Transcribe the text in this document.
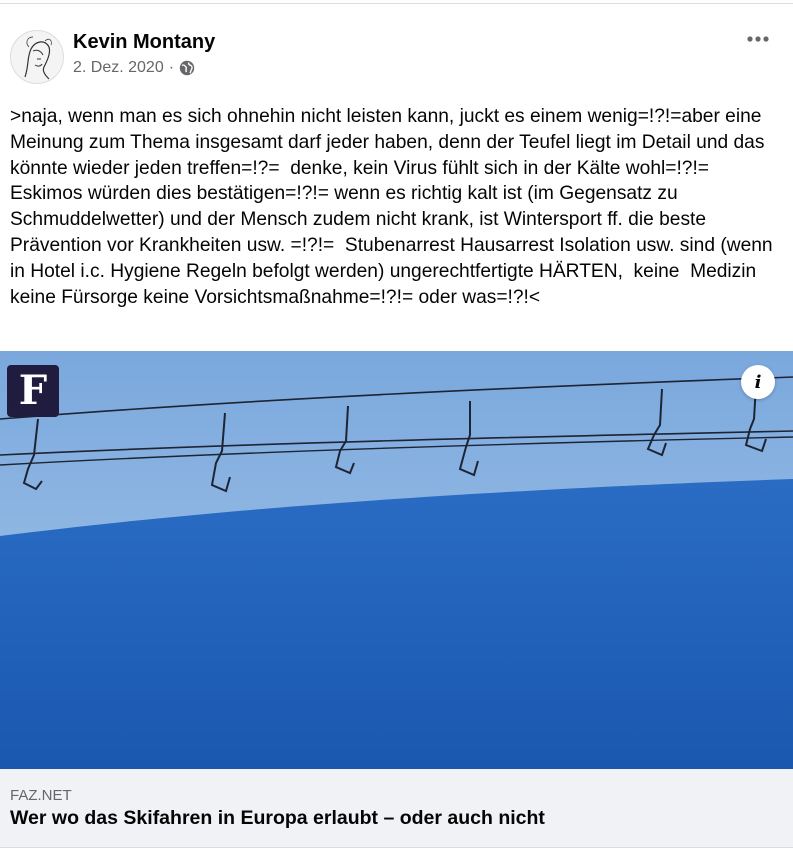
Kevin Montany
2. Dez. 2020 ·
>naja, wenn man es sich ohnehin nicht leisten kann, juckt es einem wenig=!?!=aber eine Meinung zum Thema insgesamt darf jeder haben, denn der Teufel liegt im Detail und das könnte wieder jeden treffen=!?=  denke, kein Virus fühlt sich in der Kälte wohl=!?!= Eskimos würden dies bestätigen=!?!= wenn es richtig kalt ist (im Gegensatz zu Schmuddelwetter) und der Mensch zudem nicht krank, ist Wintersport ff. die beste Prävention vor Krankheiten usw. =!?!=  Stubenarrest Hausarrest Isolation usw. sind (wenn in Hotel i.c. Hygiene Regeln befolgt werden) ungerechtfertigte HÄRTEN,  keine  Medizin keine Fürsorge keine Vorsichtsmaßnahme=!?!= oder was=!?!<
F	i
FAZ.NET
Wer wo das Skifahren in Europa erlaubt – oder auch nicht
